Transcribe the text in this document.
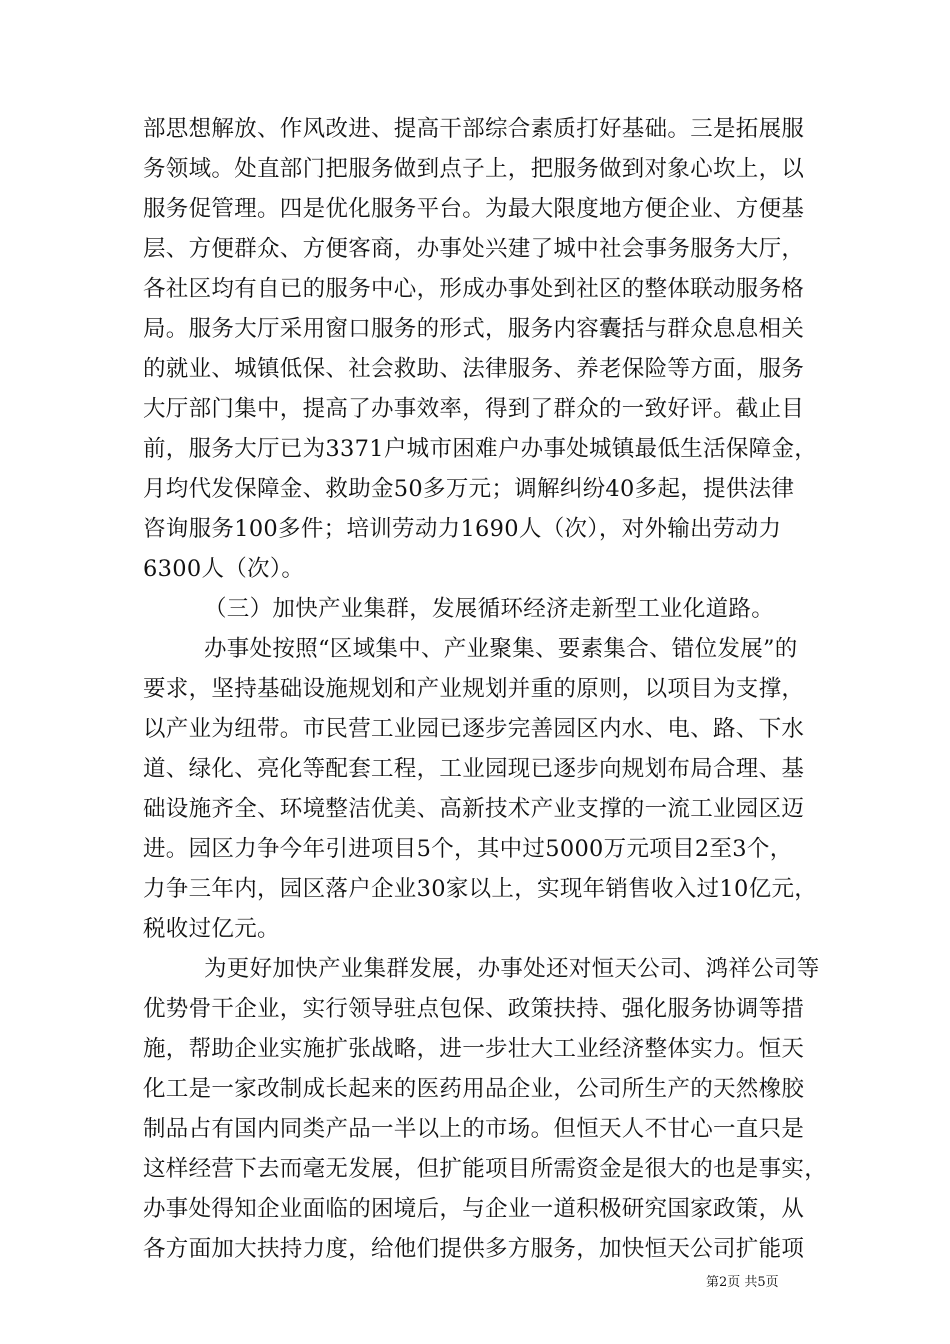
部思想解放、作风改进、提高干部综合素质打好基础。三是拓展服
务领域。处直部门把服务做到点子上，把服务做到对象心坎上，以
服务促管理。四是优化服务平台。为最大限度地方便企业、方便基
层、方便群众、方便客商，办事处兴建了城中社会事务服务大厅，
各社区均有自已的服务中心，形成办事处到社区的整体联动服务格
局。服务大厅采用窗口服务的形式，服务内容囊括与群众息息相关
的就业、城镇低保、社会救助、法律服务、养老保险等方面，服务
大厅部门集中，提高了办事效率，得到了群众的一致好评。截止目
前，服务大厅已为3371户城市困难户办事处城镇最低生活保障金，
月均代发保障金、救助金50多万元；调解纠纷40多起，提供法律
咨询服务100多件；培训劳动力1690人（次），对外输出劳动力
6300人（次）。
（三）加快产业集群，发展循环经济走新型工业化道路。
办事处按照“区域集中、产业聚集、要素集合、错位发展”的
要求，坚持基础设施规划和产业规划并重的原则，以项目为支撑，
以产业为纽带。市民营工业园已逐步完善园区内水、电、路、下水
道、绿化、亮化等配套工程，工业园现已逐步向规划布局合理、基
础设施齐全、环境整洁优美、高新技术产业支撑的一流工业园区迈
进。园区力争今年引进项目5个，其中过5000万元项目2至3个，
力争三年内，园区落户企业30家以上，实现年销售收入过10亿元，
税收过亿元。
为更好加快产业集群发展，办事处还对恒天公司、鸿祥公司等
优势骨干企业，实行领导驻点包保、政策扶持、强化服务协调等措
施，帮助企业实施扩张战略，进一步壮大工业经济整体实力。恒天
化工是一家改制成长起来的医药用品企业，公司所生产的天然橡胶
制品占有国内同类产品一半以上的市场。但恒天人不甘心一直只是
这样经营下去而毫无发展，但扩能项目所需资金是很大的也是事实，
办事处得知企业面临的困境后，与企业一道积极研究国家政策，从
各方面加大扶持力度，给他们提供多方服务，加快恒天公司扩能项
第2页 共5页
